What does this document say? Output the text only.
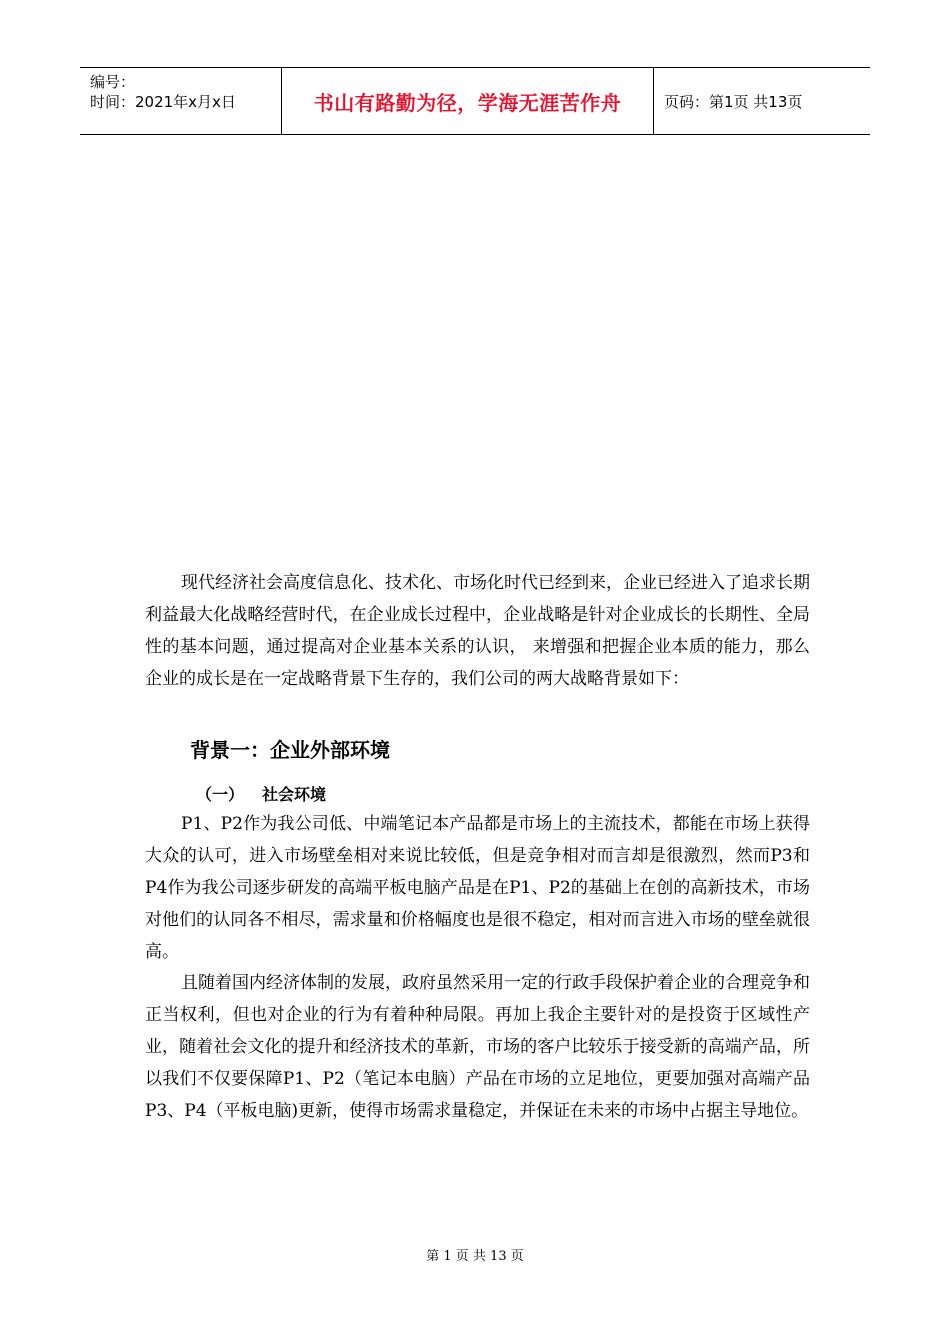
编号：
时间：2021年x月x日	书山有路勤为径，学海无涯苦作舟	页码：第1页 共13页

现代经济社会高度信息化、技术化、市场化时代已经到来，企业已经进入了追求长期利益最大化战略经营时代，在企业成长过程中，企业战略是针对企业成长的长期性、全局性的基本问题，通过提高对企业基本关系的认识， 来增强和把握企业本质的能力，那么企业的成长是在一定战略背景下生存的，我们公司的两大战略背景如下：

背景一：企业外部环境
（一） 社会环境

P1、P2作为我公司低、中端笔记本产品都是市场上的主流技术，都能在市场上获得大众的认可，进入市场壁垒相对来说比较低，但是竞争相对而言却是很激烈，然而P3和P4作为我公司逐步研发的高端平板电脑产品是在P1、P2的基础上在创的高新技术，市场对他们的认同各不相尽，需求量和价格幅度也是很不稳定，相对而言进入市场的壁垒就很高。

且随着国内经济体制的发展，政府虽然采用一定的行政手段保护着企业的合理竞争和正当权利，但也对企业的行为有着种种局限。再加上我企主要针对的是投资于区域性产业，随着社会文化的提升和经济技术的革新，市场的客户比较乐于接受新的高端产品，所以我们不仅要保障P1、P2（笔记本电脑）产品在市场的立足地位，更要加强对高端产品P3、P4（平板电脑)更新，使得市场需求量稳定，并保证在未来的市场中占据主导地位。

第 1 页 共 13 页
